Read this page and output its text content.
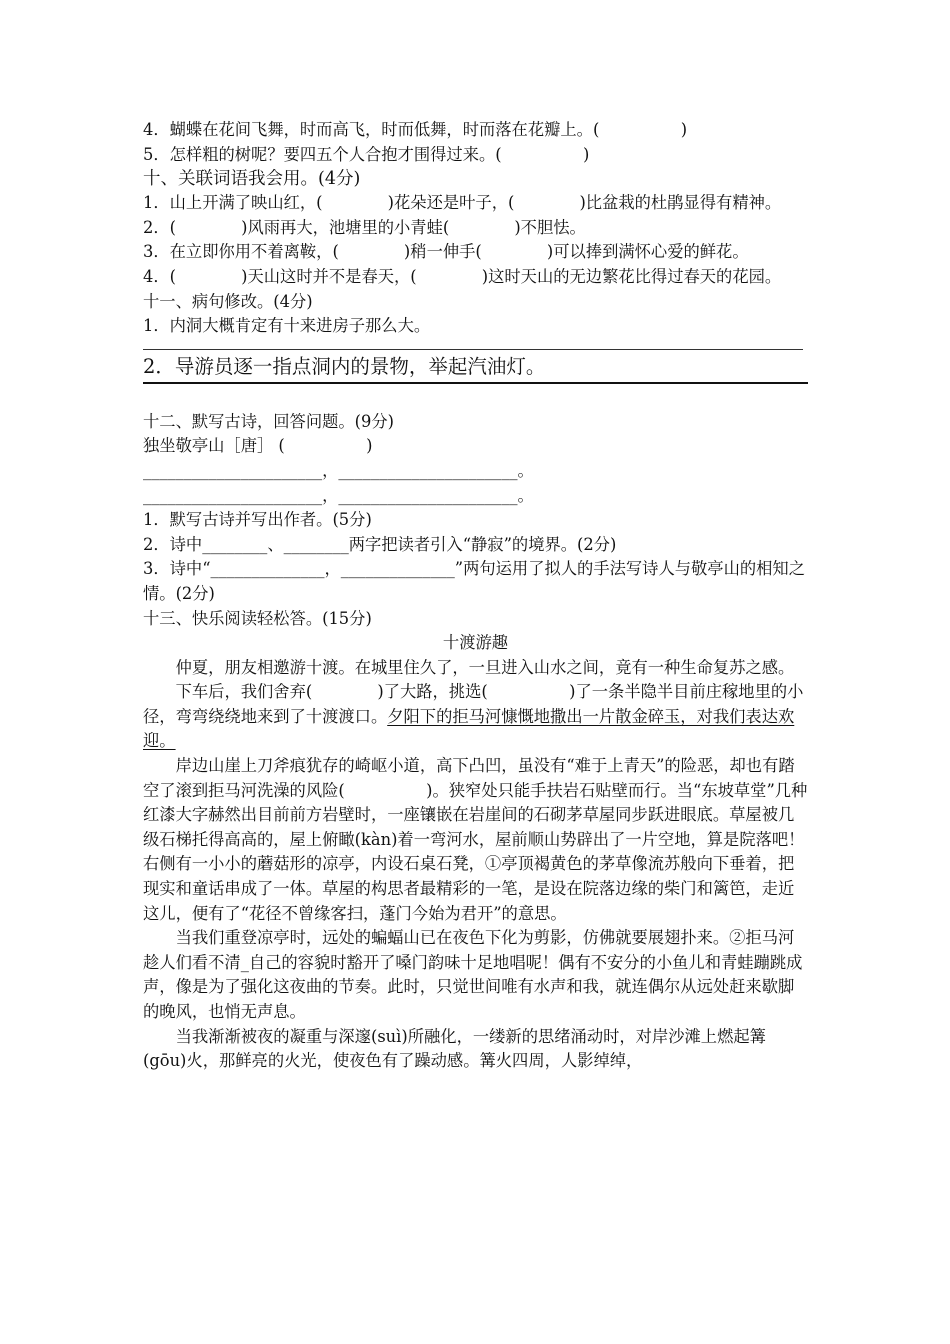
4．蝴蝶在花间飞舞，时而高飞，时而低舞，时而落在花瓣上。(　　　　　)
5．怎样粗的树呢？要四五个人合抱才围得过来。(　　　　　)
十、关联词语我会用。(4分)
1．山上开满了映山红，(　　　　)花朵还是叶子，(　　　　)比盆栽的杜鹃显得有精神。
2．(　　　　)风雨再大，池塘里的小青蛙(　　　　)不胆怯。
3．在立即你用不着离鞍，(　　　　)稍一伸手(　　　　)可以捧到满怀心爱的鲜花。
4．(　　　　)天山这时并不是春天，(　　　　)这时天山的无边繁花比得过春天的花园。
十一、病句修改。(4分)
1．内洞大概肯定有十来进房子那么大。
2．导游员逐一指点洞内的景物，举起汽油灯。
十二、默写古诗，回答问题。(9分)
独坐敬亭山［唐］ (　　　　　)
______________________，______________________。
______________________，______________________。
1．默写古诗并写出作者。(5分)
2．诗中________、________两字把读者引入“静寂”的境界。(2分)
3．诗中“______________，______________”两句运用了拟人的手法写诗人与敬亭山的相知之情。(2分)
十三、快乐阅读轻松答。(15分)
十渡游趣
仲夏，朋友相邀游十渡。在城里住久了，一旦进入山水之间，竟有一种生命复苏之感。
下车后，我们舍弃(　　　　)了大路，挑选(　　　　　)了一条半隐半目前庄稼地里的小径，弯弯绕绕地来到了十渡渡口。夕阳下的拒马河慷慨地撒出一片散金碎玉，对我们表达欢迎。
岸边山崖上刀斧痕犹存的崎岖小道，高下凸凹，虽没有“难于上青天”的险恶，却也有踏空了滚到拒马河洗澡的风险(　　　　　)。狭窄处只能手扶岩石贴壁而行。当“东坡草堂”几种红漆大字赫然出目前前方岩壁时，一座镶嵌在岩崖间的石砌茅草屋同步跃进眼底。草屋被几级石梯托得高高的，屋上俯瞰(kàn)着一弯河水，屋前顺山势辟出了一片空地，算是院落吧！右侧有一小小的蘑菇形的凉亭，内设石桌石凳，①亭顶褐黄色的茅草像流苏般向下垂着，把现实和童话串成了一体。草屋的构思者最精彩的一笔，是设在院落边缘的柴门和篱笆，走近这儿，便有了“花径不曾缘客扫，蓬门今始为君开”的意思。
当我们重登凉亭时，远处的蝙蝠山已在夜色下化为剪影，仿佛就要展翅扑来。②拒马河趁人们看不清_自己的容貌时豁开了嗓门韵味十足地唱呢！偶有不安分的小鱼儿和青蛙蹦跳成声，像是为了强化这夜曲的节奏。此时，只觉世间唯有水声和我，就连偶尔从远处赶来歇脚的晚风，也悄无声息。
当我渐渐被夜的凝重与深邃(suì)所融化，一缕新的思绪涌动时，对岸沙滩上燃起篝(gōu)火，那鲜亮的火光，使夜色有了躁动感。篝火四周，人影绰绰，
